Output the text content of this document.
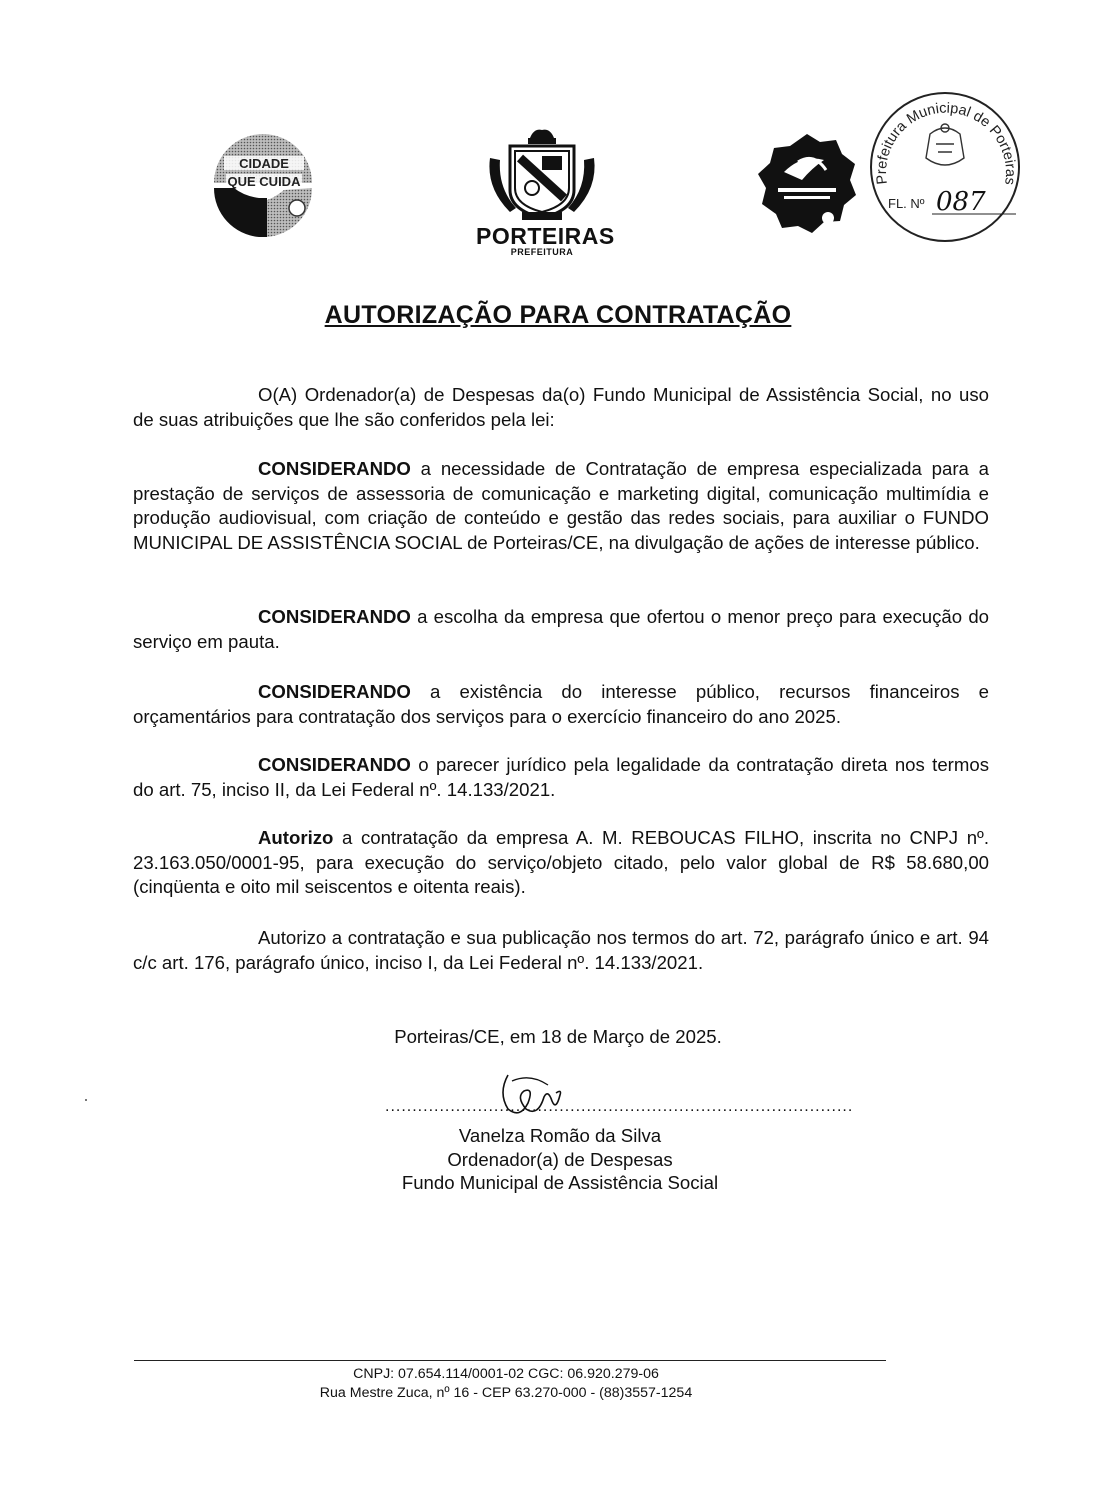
CIDADE
QUE CUIDA
PORTEIRAS
PREFEITURA
Prefeitura Municipal de Porteiras
FL. Nº 087
AUTORIZAÇÃO PARA CONTRATAÇÃO

O(A) Ordenador(a) de Despesas da(o) Fundo Municipal de Assistência Social, no uso de suas atribuições que lhe são conferidos pela lei:

CONSIDERANDO a necessidade de Contratação de empresa especializada para a prestação de serviços de assessoria de comunicação e marketing digital, comunicação multimídia e produção audiovisual, com criação de conteúdo e gestão das redes sociais, para auxiliar o FUNDO MUNICIPAL DE ASSISTÊNCIA SOCIAL de Porteiras/CE, na divulgação de ações de interesse público.

CONSIDERANDO a escolha da empresa que ofertou o menor preço para execução do serviço em pauta.

CONSIDERANDO a existência do interesse público, recursos financeiros e orçamentários para contratação dos serviços para o exercício financeiro do ano 2025.

CONSIDERANDO o parecer jurídico pela legalidade da contratação direta nos termos do art. 75, inciso II, da Lei Federal nº. 14.133/2021.

Autorizo a contratação da empresa A. M. REBOUCAS FILHO, inscrita no CNPJ nº. 23.163.050/0001-95, para execução do serviço/objeto citado, pelo valor global de R$ 58.680,00 (cinqüenta e oito mil seiscentos e oitenta reais).

Autorizo a contratação e sua publicação nos termos do art. 72, parágrafo único e art. 94 c/c art. 176, parágrafo único, inciso I, da Lei Federal nº. 14.133/2021.

Porteiras/CE, em 18 de Março de 2025.
......................................................................................
Vanelza Romão da Silva
Ordenador(a) de Despesas
Fundo Municipal de Assistência Social
CNPJ: 07.654.114/0001-02 CGC: 06.920.279-06
Rua Mestre Zuca, nº 16 - CEP 63.270-000 - (88)3557-1254
